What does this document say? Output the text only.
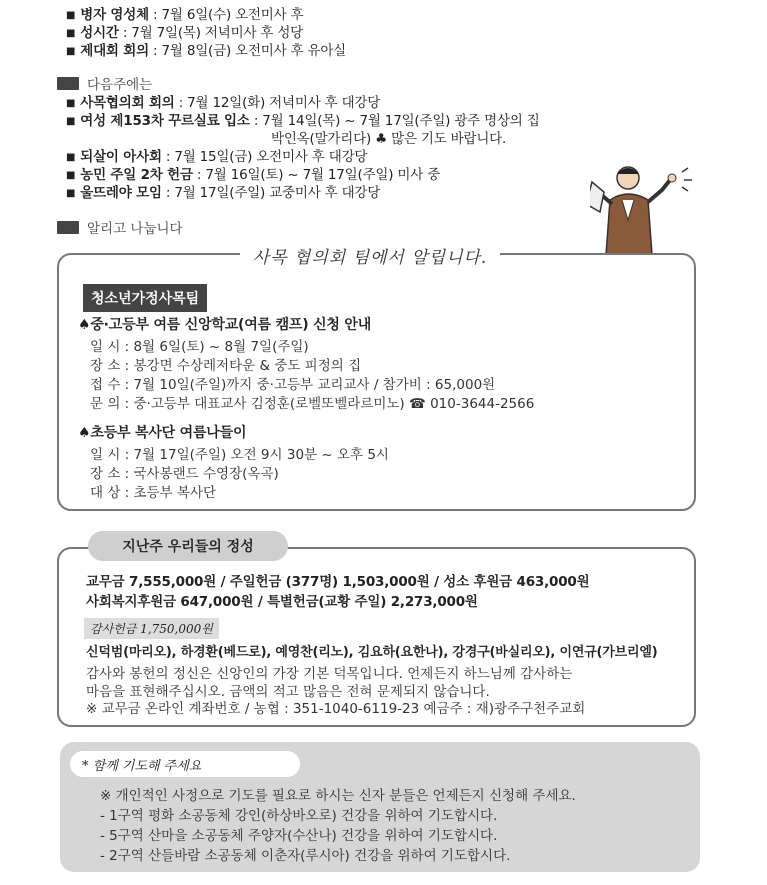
■ 병자 영성체 : 7월 6일(수) 오전미사 후
■ 성시간 : 7월 7일(목) 저녁미사 후 성당
■ 제대회 회의 : 7월 8일(금) 오전미사 후 유아실
다음주에는
■ 사목협의회 회의 : 7월 12일(화) 저녁미사 후 대강당
■ 여성 제153차 꾸르실료 입소 : 7월 14일(목) ~ 7월 17일(주일) 광주 명상의 집
박인옥(말가리다) ♣ 많은 기도 바랍니다.
■ 되살이 아사회 : 7월 15일(금) 오전미사 후 대강당
■ 농민 주일 2차 헌금 : 7월 16일(토) ~ 7월 17일(주일) 미사 중
■ 울뜨레야 모임 : 7월 17일(주일) 교중미사 후 대강당
알리고 나눕니다
사목 협의회 팀에서 알립니다.
청소년가정사목팀
♠중·고등부 여름 신앙학교(여름 캠프) 신청 안내
일 시 : 8월 6일(토) ~ 8월 7일(주일)
장 소 : 봉강면 수상레저타운 & 중도 피정의 집
접 수 : 7월 10일(주일)까지 중·고등부 교리교사 / 참가비 : 65,000원
문 의 : 중·고등부 대표교사 김정훈(로벨또벨라르미노) ☎ 010-3644-2566
♠초등부 복사단 여름나들이
일 시 : 7월 17일(주일) 오전 9시 30분 ~ 오후 5시
장 소 : 국사봉랜드 수영장(옥곡)
대 상 : 초등부 복사단
지난주 우리들의 정성
교무금 7,555,000원 / 주일헌금 (377명) 1,503,000원 / 성소 후원금 463,000원
사회복지후원금 647,000원 / 특별헌금(교황 주일) 2,273,000원
감사헌금 1,750,000원
신덕범(마리오), 하경환(베드로), 예영찬(리노), 김요하(요한나), 강경구(바실리오), 이연규(가브리엘)
감사와 봉헌의 정신은 신앙인의 가장 기본 덕목입니다. 언제든지 하느님께 감사하는
마음을 표현해주십시오. 금액의 적고 많음은 전혀 문제되지 않습니다.
※ 교무금 온라인 계좌번호 / 농협 : 351-1040-6119-23 예금주 : 재)광주구천주교회
* 함께 기도해 주세요
※ 개인적인 사정으로 기도를 필요로 하시는 신자 분들은 언제든지 신청해 주세요.
- 1구역 평화 소공동체 강인(하상바오로) 건강을 위하여 기도합시다.
- 5구역 산마을 소공동체 주양자(수산나) 건강을 위하여 기도합시다.
- 2구역 산들바람 소공동체 이춘자(루시아) 건강을 위하여 기도합시다.
